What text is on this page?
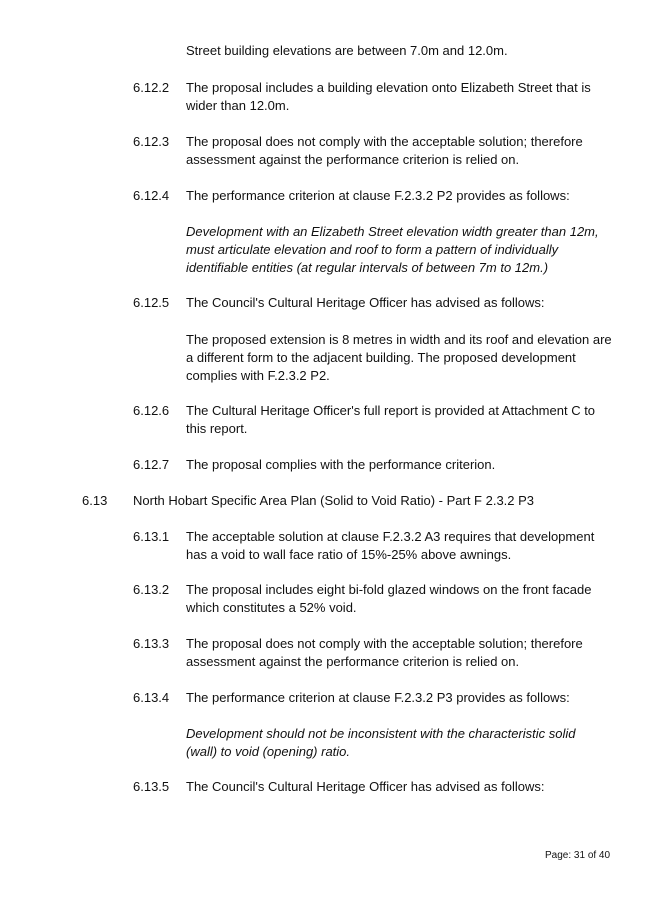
Street building elevations are between 7.0m and 12.0m.
6.12.2 The proposal includes a building elevation onto Elizabeth Street that is
wider than 12.0m.
6.12.3 The proposal does not comply with the acceptable solution; therefore
assessment against the performance criterion is relied on.
6.12.4 The performance criterion at clause F.2.3.2 P2 provides as follows:
Development with an Elizabeth Street elevation width greater than 12m,
must articulate elevation and roof to form a pattern of individually
identifiable entities (at regular intervals of between 7m to 12m.)
6.12.5 The Council's Cultural Heritage Officer has advised as follows:
The proposed extension is 8 metres in width and its roof and elevation are
a different form to the adjacent building. The proposed development
complies with F.2.3.2 P2.
6.12.6 The Cultural Heritage Officer's full report is provided at Attachment C to
this report.
6.12.7 The proposal complies with the performance criterion.
6.13 North Hobart Specific Area Plan (Solid to Void Ratio) - Part F 2.3.2 P3
6.13.1 The acceptable solution at clause F.2.3.2 A3 requires that development
has a void to wall face ratio of 15%-25% above awnings.
6.13.2 The proposal includes eight bi-fold glazed windows on the front facade
which constitutes a 52% void.
6.13.3 The proposal does not comply with the acceptable solution; therefore
assessment against the performance criterion is relied on.
6.13.4 The performance criterion at clause F.2.3.2 P3 provides as follows:
Development should not be inconsistent with the characteristic solid
(wall) to void (opening) ratio.
6.13.5 The Council's Cultural Heritage Officer has advised as follows:
Page: 31 of 40
